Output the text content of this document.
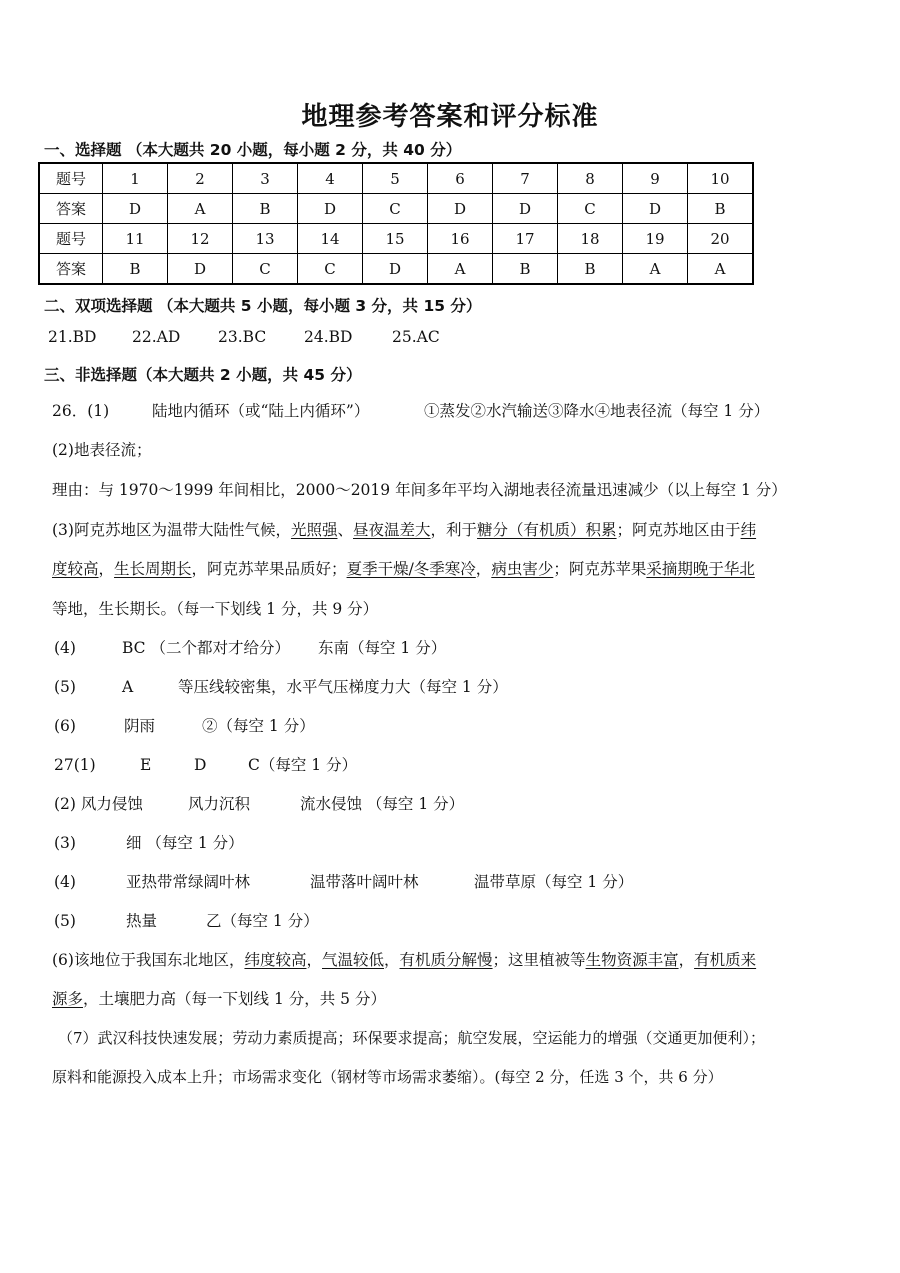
地理参考答案和评分标准
一、选择题 （本大题共 20 小题，每小题 2 分，共 40 分）
题号	1	2	3	4	5	6	7	8	9	10
答案	D	A	B	D	C	D	D	C	D	B
题号	11	12	13	14	15	16	17	18	19	20
答案	B	D	C	C	D	A	B	B	A	A
二、双项选择题 （本大题共 5 小题，每小题 3 分，共 15 分）
21.BD 22.AD 23.BC 24.BD	25.AC
三、非选择题（本大题共 2 小题，共 45 分）
26．(1)	陆地内循环（或“陆上内循环”）	①蒸发②水汽输送③降水④地表径流（每空 1 分）
(2)地表径流；
理由：与 1970～1999 年间相比，2000～2019 年间多年平均入湖地表径流量迅速减少（以上每空 1 分）
(3)阿克苏地区为温带大陆性气候，光照强、昼夜温差大，利于糖分（有机质）积累；阿克苏地区由于纬
度较高，生长周期长，阿克苏苹果品质好；夏季干燥/冬季寒冷，病虫害少；阿克苏苹果采摘期晚于华北
等地，生长期长。（每一下划线 1 分，共 9 分）
(4)	BC （二个都对才给分） 东南（每空 1 分）
(5)	A	等压线较密集，水平气压梯度力大（每空 1 分）
(6)	阴雨	②（每空 1 分）
27(1)	E	D	C（每空 1 分）
(2) 风力侵蚀	风力沉积	流水侵蚀 （每空 1 分）
(3)	细 （每空 1 分）
(4)	亚热带常绿阔叶林	温带落叶阔叶林	温带草原（每空 1 分）
(5)	热量	乙（每空 1 分）
(6)该地位于我国东北地区，纬度较高，气温较低，有机质分解慢；这里植被等生物资源丰富，有机质来
源多，土壤肥力高（每一下划线 1 分，共 5 分）
（7）武汉科技快速发展；劳动力素质提高；环保要求提高；航空发展，空运能力的增强（交通更加便利）；
原料和能源投入成本上升；市场需求变化（钢材等市场需求萎缩）。(每空 2 分，任选 3 个，共 6 分）
